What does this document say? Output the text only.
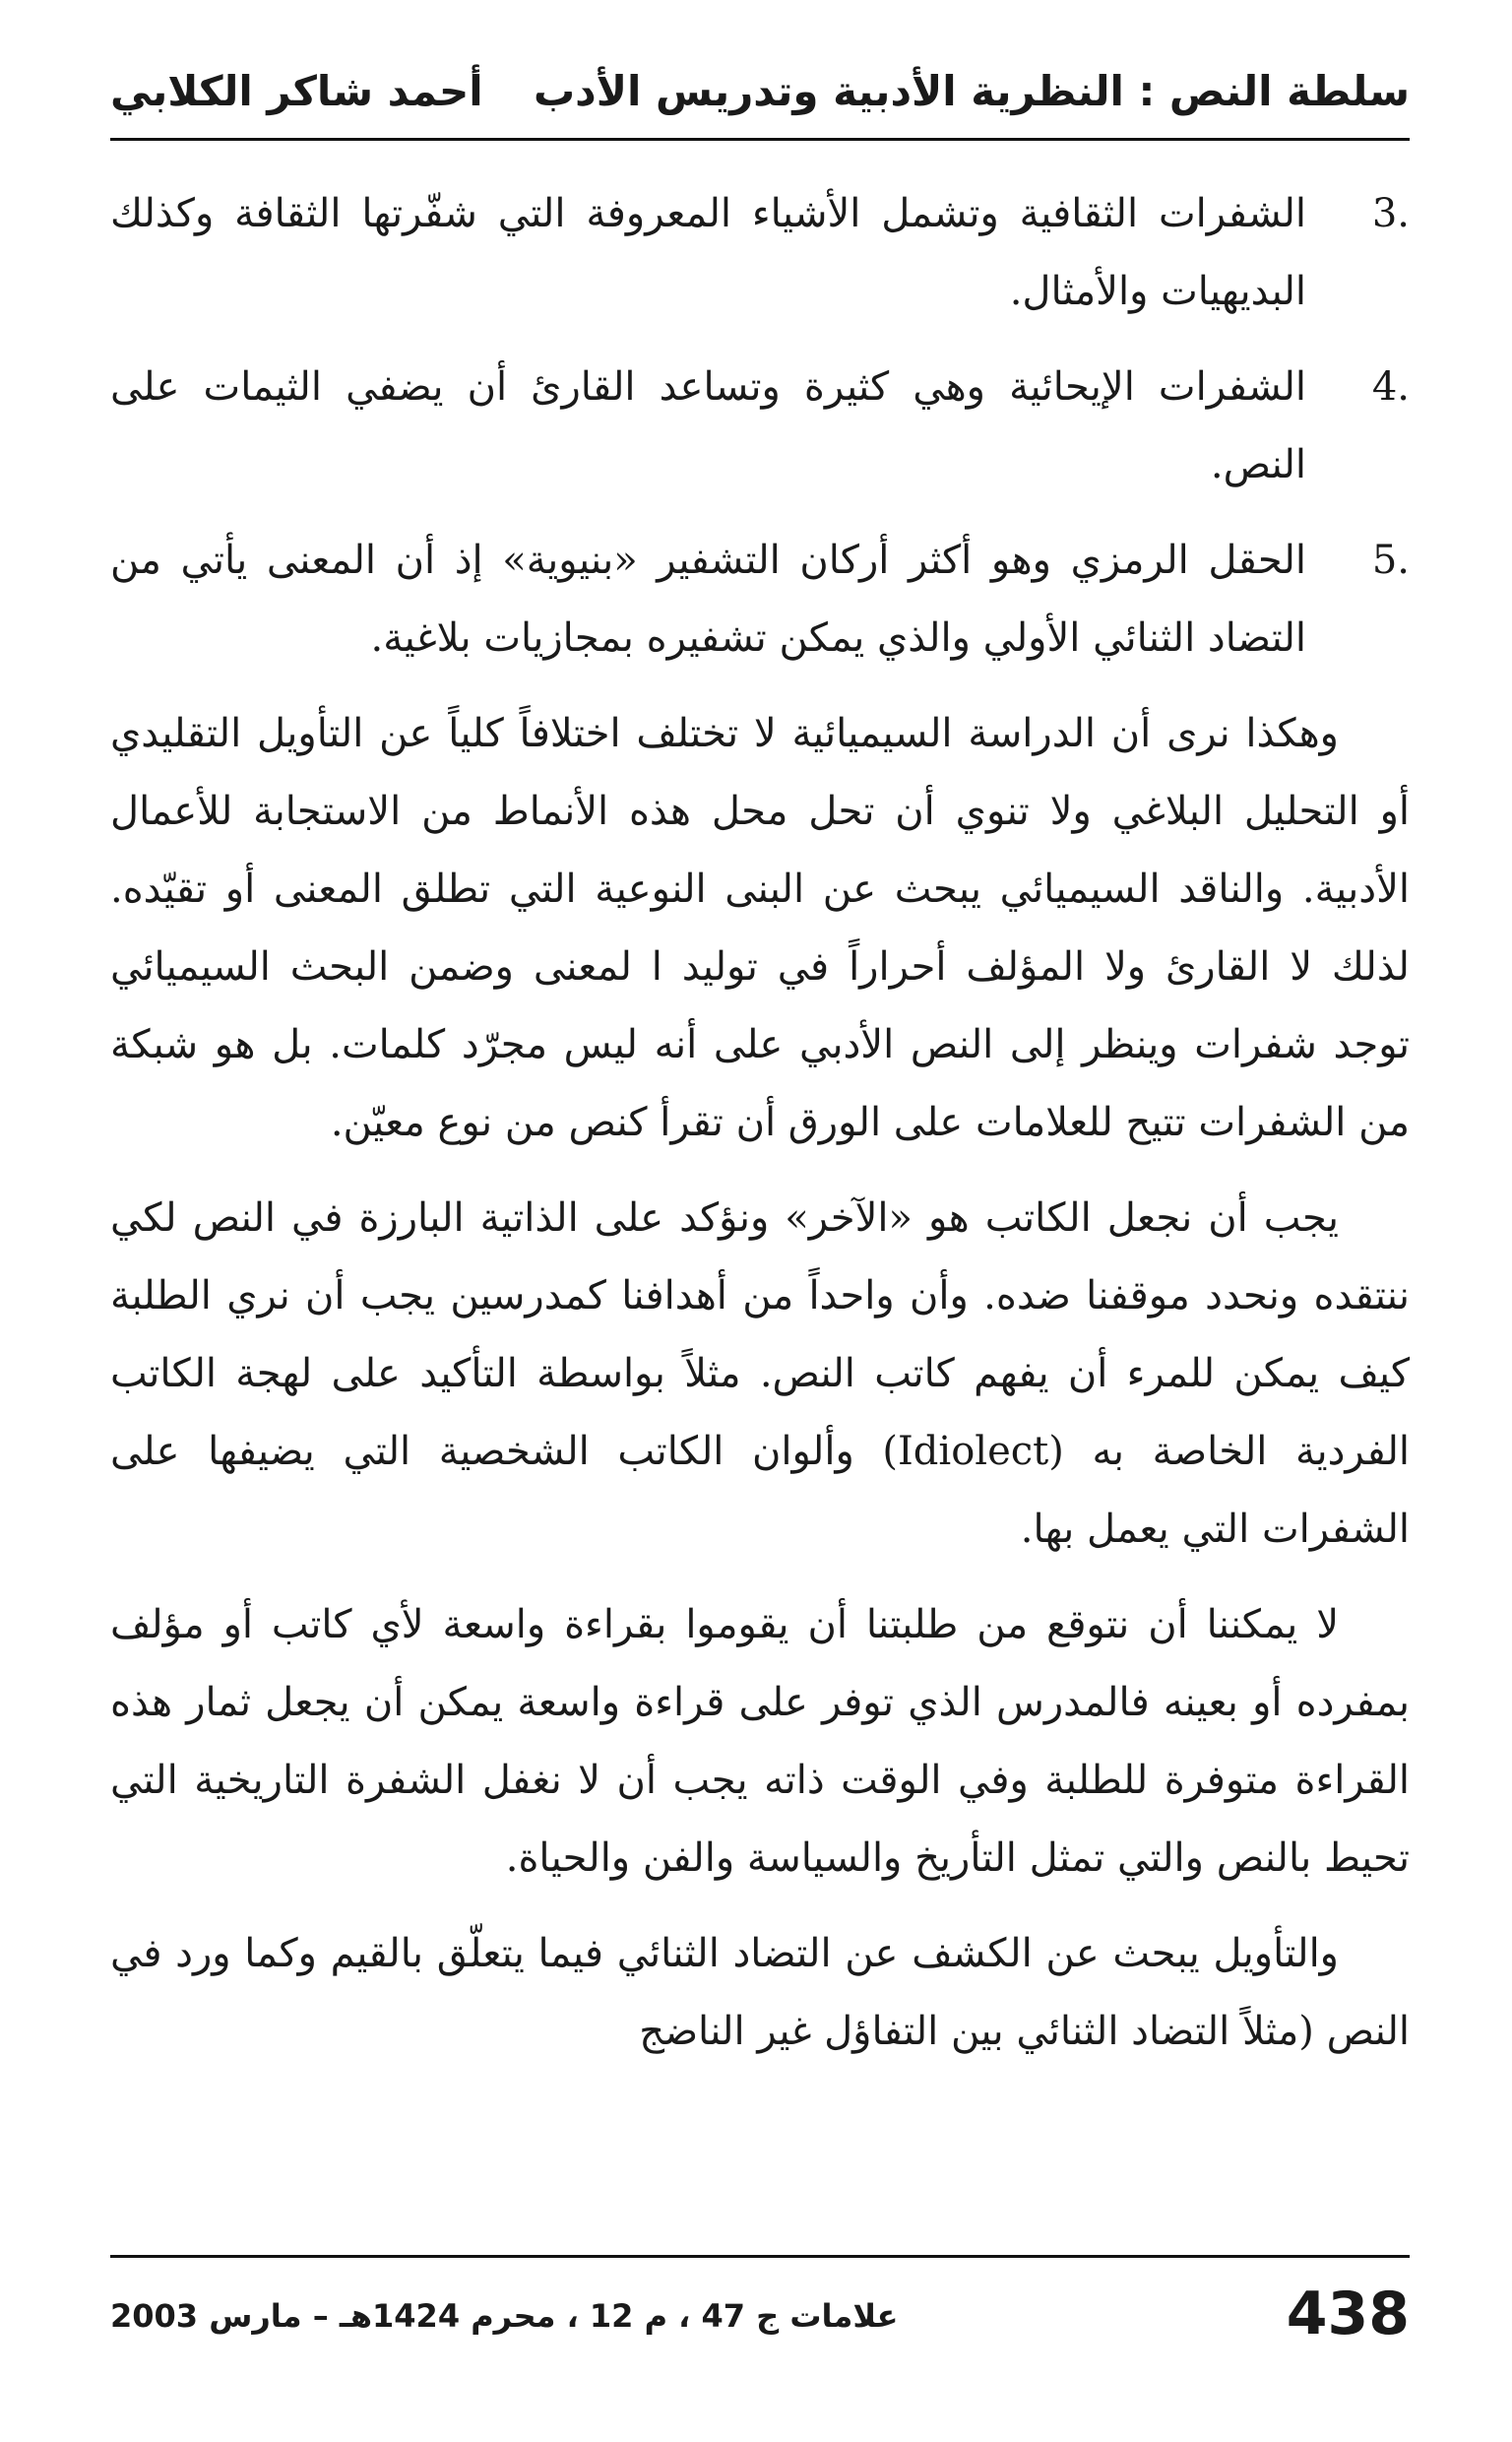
سلطة النص : النظرية الأدبية وتدريس الأدب
أحمد شاكر الكلابي
3.
الشفرات الثقافية وتشمل الأشياء المعروفة التي شفّرتها الثقافة وكذلك البديهيات والأمثال.
4.
الشفرات الإيحائية وهي كثيرة وتساعد القارئ أن يضفي الثيمات على النص.
5.
الحقل الرمزي وهو أكثر أركان التشفير «بنيوية» إذ أن المعنى يأتي من التضاد الثنائي الأولي والذي يمكن تشفيره بمجازيات بلاغية.

وهكذا نرى أن الدراسة السيميائية لا تختلف اختلافاً كلياً عن التأويل التقليدي أو التحليل البلاغي ولا تنوي أن تحل محل هذه الأنماط من الاستجابة للأعمال الأدبية. والناقد السيميائي يبحث عن البنى النوعية التي تطلق المعنى أو تقيّده. لذلك لا القارئ ولا المؤلف أحراراً في توليد ا لمعنى وضمن البحث السيميائي توجد شفرات وينظر إلى النص الأدبي على أنه ليس مجرّد كلمات. بل هو شبكة من الشفرات تتيح للعلامات على الورق أن تقرأ كنص من نوع معيّن.

يجب أن نجعل الكاتب هو «الآخر» ونؤكد على الذاتية البارزة في النص لكي ننتقده ونحدد موقفنا ضده. وأن واحداً من أهدافنا كمدرسين يجب أن نري الطلبة كيف يمكن للمرء أن يفهم كاتب النص. مثلاً بواسطة التأكيد على لهجة الكاتب الفردية الخاصة به (Idiolect) وألوان الكاتب الشخصية التي يضيفها على الشفرات التي يعمل بها.

لا يمكننا أن نتوقع من طلبتنا أن يقوموا بقراءة واسعة لأي كاتب أو مؤلف بمفرده أو بعينه فالمدرس الذي توفر على قراءة واسعة يمكن أن يجعل ثمار هذه القراءة متوفرة للطلبة وفي الوقت ذاته يجب أن لا نغفل الشفرة التاريخية التي تحيط بالنص والتي تمثل التأريخ والسياسة والفن والحياة.

والتأويل يبحث عن الكشف عن التضاد الثنائي فيما يتعلّق بالقيم وكما ورد في النص (مثلاً التضاد الثنائي بين التفاؤل غير الناضج

438
علامات ج 47 ، م 12 ، محرم 1424هـ – مارس 2003
